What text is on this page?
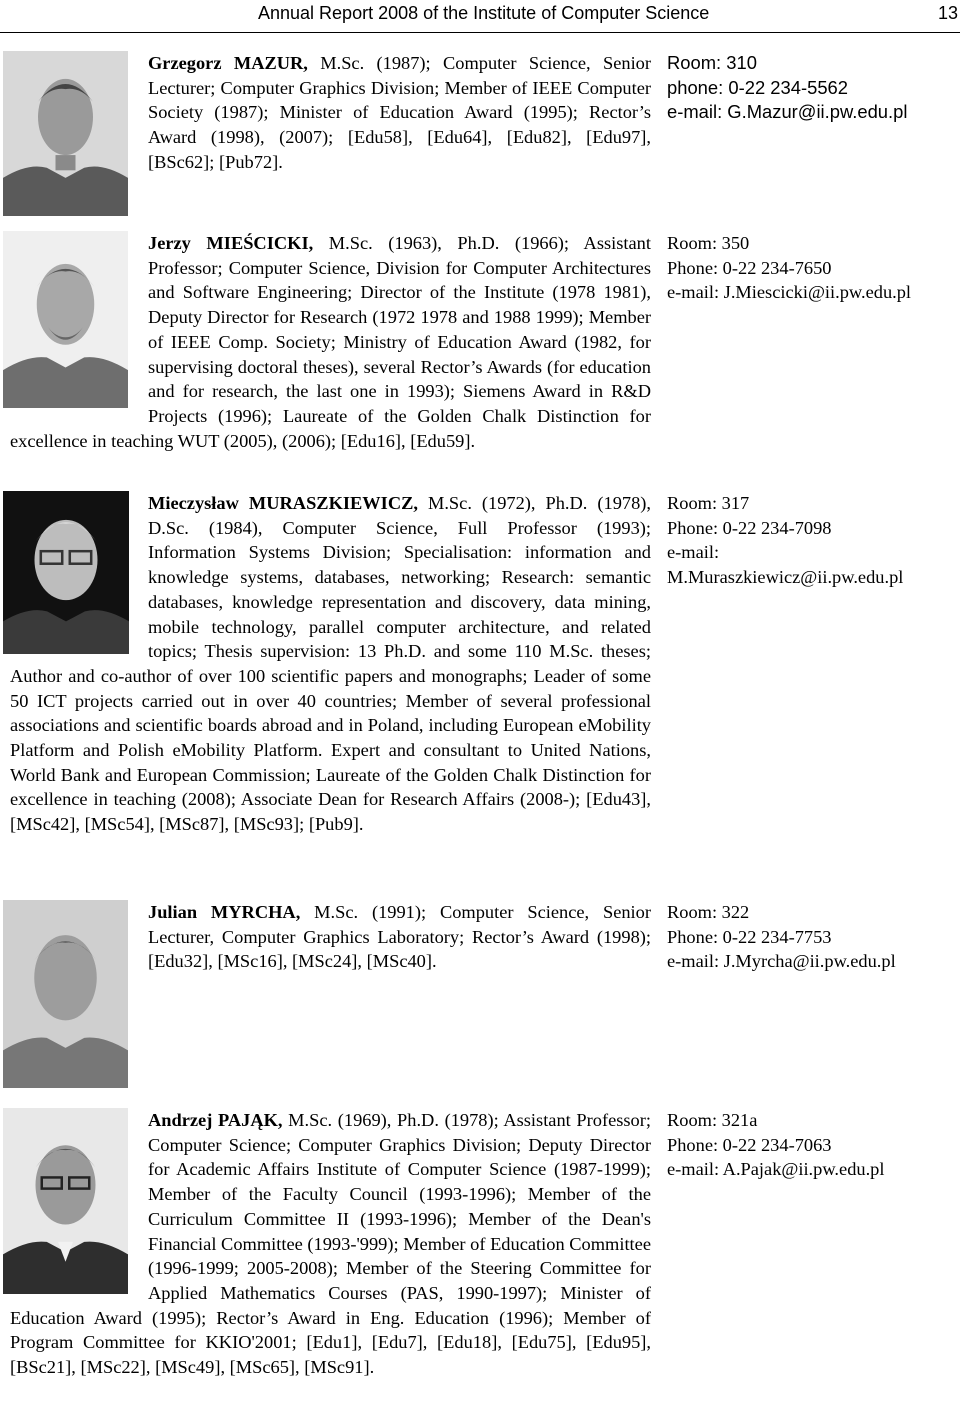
Annual Report 2008 of the Institute of Computer Science	13
Grzegorz MAZUR, M.Sc. (1987); Computer Science, Senior Lecturer; Computer Graphics Division; Member of IEEE Computer Society (1987); Minister of Education Award (1995); Rector’s Award (1998), (2007); [Edu58], [Edu64], [Edu82], [Edu97], [BSc62]; [Pub72].
Room: 310
phone: 0-22 234-5562
e-mail: G.Mazur@ii.pw.edu.pl
Jerzy MIEŚCICKI, M.Sc. (1963), Ph.D. (1966); Assistant Professor; Computer Science, Division for Computer Architectures and Software Engineering; Director of the Institute (1978 1981), Deputy Director for Research (1972 1978 and 1988 1999); Member of IEEE Comp. Society; Ministry of Education Award (1982, for supervising doctoral theses), several Rector’s Awards (for education and for research, the last one in 1993); Siemens Award in R&D Projects (1996); Laureate of the Golden Chalk Distinction for excellence in teaching WUT (2005), (2006); [Edu16], [Edu59].
Room: 350
Phone: 0-22 234-7650
e-mail: J.Miescicki@ii.pw.edu.pl
Mieczysław MURASZKIEWICZ, M.Sc. (1972), Ph.D. (1978), D.Sc. (1984), Computer Science, Full Professor (1993); Information Systems Division; Specialisation: information and knowledge systems, databases, networking; Research: semantic databases, knowledge representation and discovery, data mining, mobile technology, parallel computer architecture, and related topics; Thesis supervision: 13 Ph.D. and some 110 M.Sc. theses; Author and co-author of over 100 scientific papers and monographs; Leader of some 50 ICT projects carried out in over 40 countries; Member of several professional associations and scientific boards abroad and in Poland, including European eMobility Platform and Polish eMobility Platform. Expert and consultant to United Nations, World Bank and European Commission; Laureate of the Golden Chalk Distinction for excellence in teaching (2008); Associate Dean for Research Affairs (2008-); [Edu43], [MSc42], [MSc54], [MSc87], [MSc93]; [Pub9].
Room: 317
Phone: 0-22 234-7098
e-mail:
M.Muraszkiewicz@ii.pw.edu.pl
Julian MYRCHA, M.Sc. (1991); Computer Science, Senior Lecturer, Computer Graphics Laboratory; Rector’s Award (1998); [Edu32], [MSc16], [MSc24], [MSc40].
Room: 322
Phone: 0-22 234-7753
e-mail: J.Myrcha@ii.pw.edu.pl
Andrzej PAJĄK, M.Sc. (1969), Ph.D. (1978); Assistant Professor; Computer Science; Computer Graphics Division; Deputy Director for Academic Affairs Institute of Computer Science (1987-1999); Member of the Faculty Council (1993-1996); Member of the Curriculum Committee II (1993-1996); Member of the Dean's Financial Committee (1993-'999); Member of Education Committee (1996-1999; 2005-2008); Member of the Steering Committee for Applied Mathematics Courses (PAS, 1990-1997); Minister of Education Award (1995); Rector’s Award in Eng. Education (1996); Member of Program Committee for KKIO'2001; [Edu1], [Edu7], [Edu18], [Edu75], [Edu95], [BSc21], [MSc22], [MSc49], [MSc65], [MSc91].
Room: 321a
Phone: 0-22 234-7063
e-mail: A.Pajak@ii.pw.edu.pl
